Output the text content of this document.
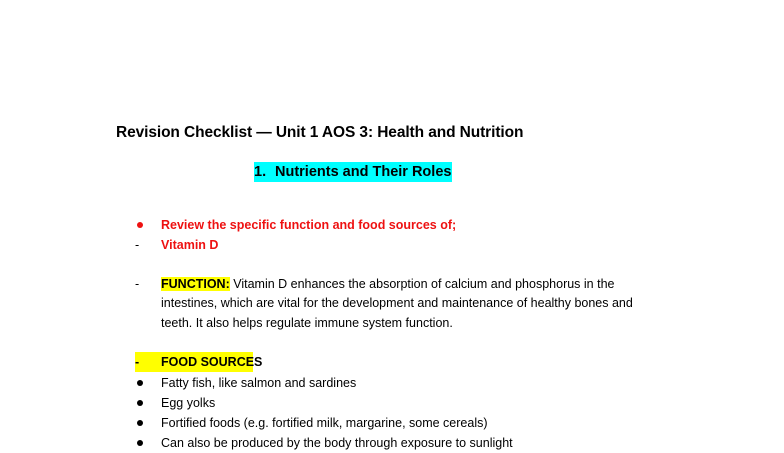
Revision Checklist — Unit 1 AOS 3: Health and Nutrition
1. Nutrients and Their Roles
Review the specific function and food sources of;
-	Vitamin D
-	FUNCTION: Vitamin D enhances the absorption of calcium and phosphorus in the
intestines, which are vital for the development and maintenance of healthy bones and
teeth. It also helps regulate immune system function.
-	FOOD SOURCES
Fatty fish, like salmon and sardines
Egg yolks
Fortified foods (e.g. fortified milk, margarine, some cereals)
Can also be produced by the body through exposure to sunlight
